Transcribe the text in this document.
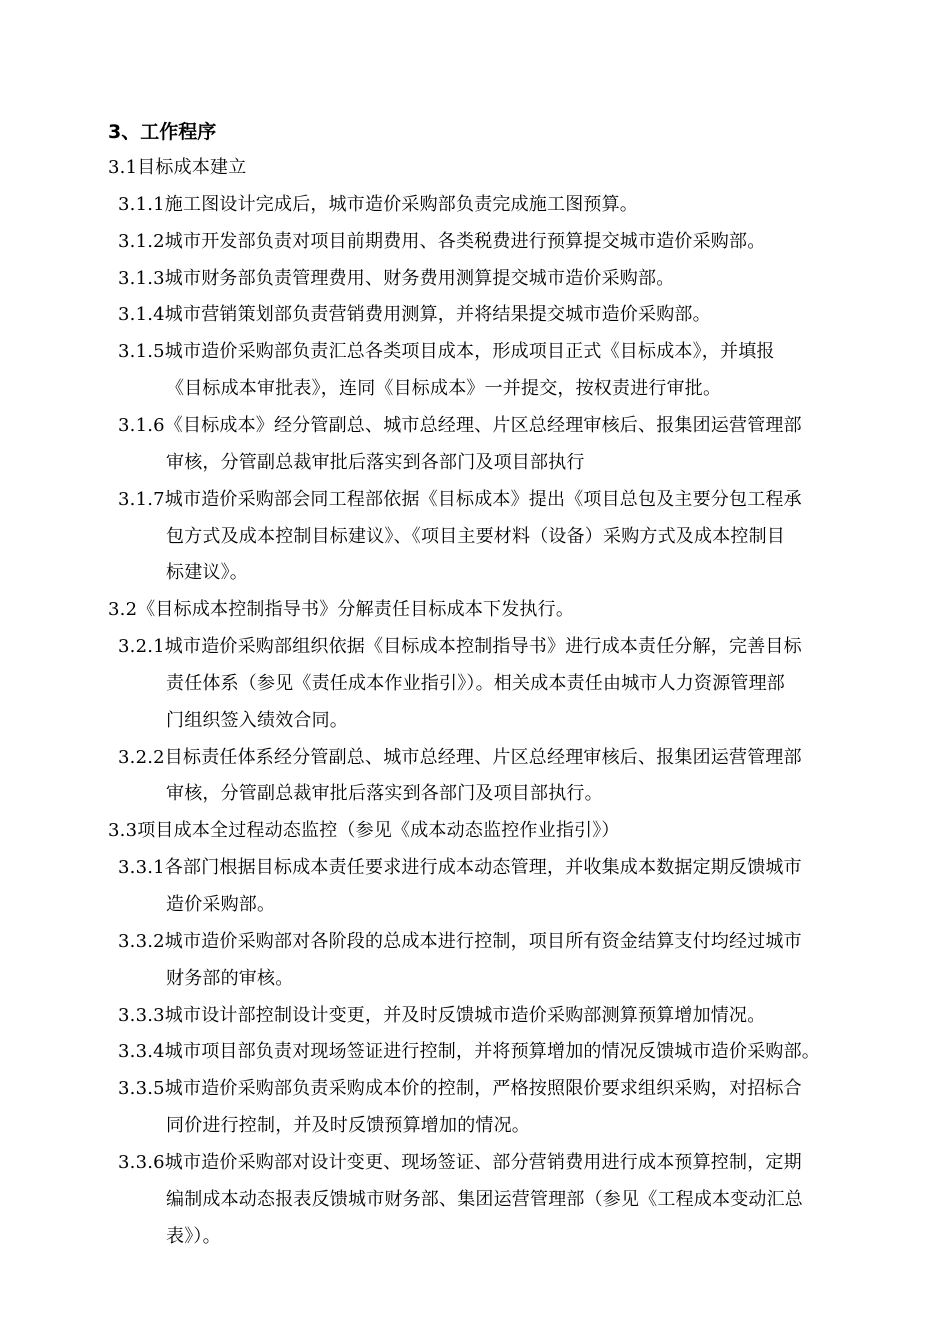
3、工作程序
3.1目标成本建立
3.1.1施工图设计完成后，城市造价采购部负责完成施工图预算。
3.1.2城市开发部负责对项目前期费用、各类税费进行预算提交城市造价采购部。
3.1.3城市财务部负责管理费用、财务费用测算提交城市造价采购部。
3.1.4城市营销策划部负责营销费用测算，并将结果提交城市造价采购部。
3.1.5城市造价采购部负责汇总各类项目成本，形成项目正式《目标成本》，并填报
《目标成本审批表》，连同《目标成本》一并提交，按权责进行审批。
3.1.6《目标成本》经分管副总、城市总经理、片区总经理审核后、报集团运营管理部
审核，分管副总裁审批后落实到各部门及项目部执行
3.1.7城市造价采购部会同工程部依据《目标成本》提出《项目总包及主要分包工程承
包方式及成本控制目标建议》、《项目主要材料（设备）采购方式及成本控制目
标建议》。
3.2《目标成本控制指导书》分解责任目标成本下发执行。
3.2.1城市造价采购部组织依据《目标成本控制指导书》进行成本责任分解，完善目标
责任体系（参见《责任成本作业指引》）。相关成本责任由城市人力资源管理部
门组织签入绩效合同。
3.2.2目标责任体系经分管副总、城市总经理、片区总经理审核后、报集团运营管理部
审核，分管副总裁审批后落实到各部门及项目部执行。
3.3项目成本全过程动态监控（参见《成本动态监控作业指引》）
3.3.1各部门根据目标成本责任要求进行成本动态管理，并收集成本数据定期反馈城市
造价采购部。
3.3.2城市造价采购部对各阶段的总成本进行控制，项目所有资金结算支付均经过城市
财务部的审核。
3.3.3城市设计部控制设计变更，并及时反馈城市造价采购部测算预算增加情况。
3.3.4城市项目部负责对现场签证进行控制，并将预算增加的情况反馈城市造价采购部。
3.3.5城市造价采购部负责采购成本价的控制，严格按照限价要求组织采购，对招标合
同价进行控制，并及时反馈预算增加的情况。
3.3.6城市造价采购部对设计变更、现场签证、部分营销费用进行成本预算控制，定期
编制成本动态报表反馈城市财务部、集团运营管理部（参见《工程成本变动汇总
表》）。
